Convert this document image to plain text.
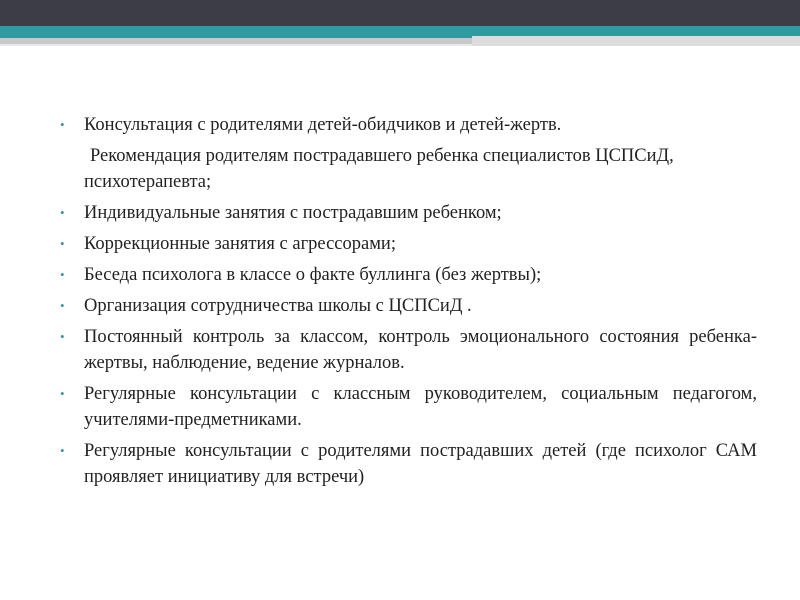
•	Консультация с родителями детей-обидчиков и детей-жертв.
Рекомендация родителям пострадавшего ребенка специалистов ЦСПСиД, психотерапевта;
•	Индивидуальные занятия с пострадавшим ребенком;
•	Коррекционные занятия с агрессорами;
•	Беседа психолога в классе о факте буллинга (без жертвы);
•	Организация сотрудничества школы с ЦСПСиД .
•	Постоянный контроль за классом, контроль эмоционального состояния ребенка-жертвы, наблюдение, ведение журналов.
•	Регулярные консультации с классным руководителем, социальным педагогом, учителями-предметниками.
•	Регулярные консультации с родителями пострадавших детей (где психолог САМ проявляет инициативу для встречи)
